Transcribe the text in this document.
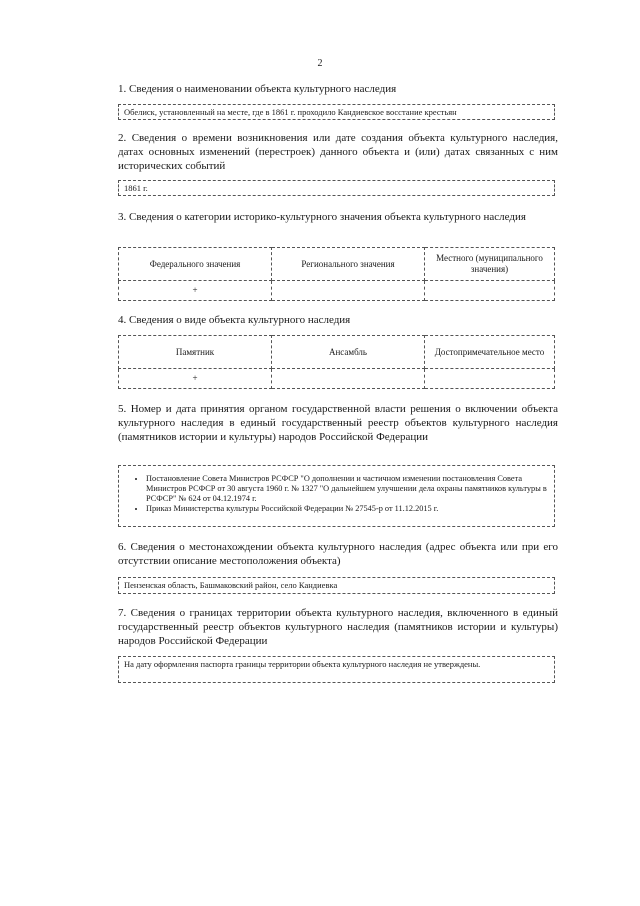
2
1. Сведения о наименовании объекта культурного наследия
Обелиск, установленный на месте, где в 1861 г. проходило Кандиевское восстание крестьян
2. Сведения о времени возникновения или дате создания объекта культурного наследия, датах основных изменений (перестроек) данного объекта и (или) датах связанных с ним исторических событий
1861 г.
3. Сведения о категории историко-культурного значения объекта культурного наследия
Федерального значения	Регионального значения	Местного (муниципального значения)
+		
4. Сведения о виде объекта культурного наследия
Памятник	Ансамбль	Достопримечательное место
+		
5. Номер и дата принятия органом государственной власти решения о включении объекта культурного наследия в единый государственный реестр объектов культурного наследия (памятников истории и культуры) народов Российской Федерации
• Постановление Совета Министров РСФСР "О дополнении и частичном изменении постановления Совета Министров РСФСР от 30 августа 1960 г. № 1327 "О дальнейшем улучшении дела охраны памятников культуры в РСФСР" № 624 от 04.12.1974 г.
• Приказ Министерства культуры Российской Федерации № 27545-р от 11.12.2015 г.
6. Сведения о местонахождении объекта культурного наследия (адрес объекта или при его отсутствии описание местоположения объекта)
Пензенская область, Башмаковский район, село Кандиевка
7. Сведения о границах территории объекта культурного наследия, включенного в единый государственный реестр объектов культурного наследия (памятников истории и культуры) народов Российской Федерации
На дату оформления паспорта границы территории объекта культурного наследия не утверждены.
